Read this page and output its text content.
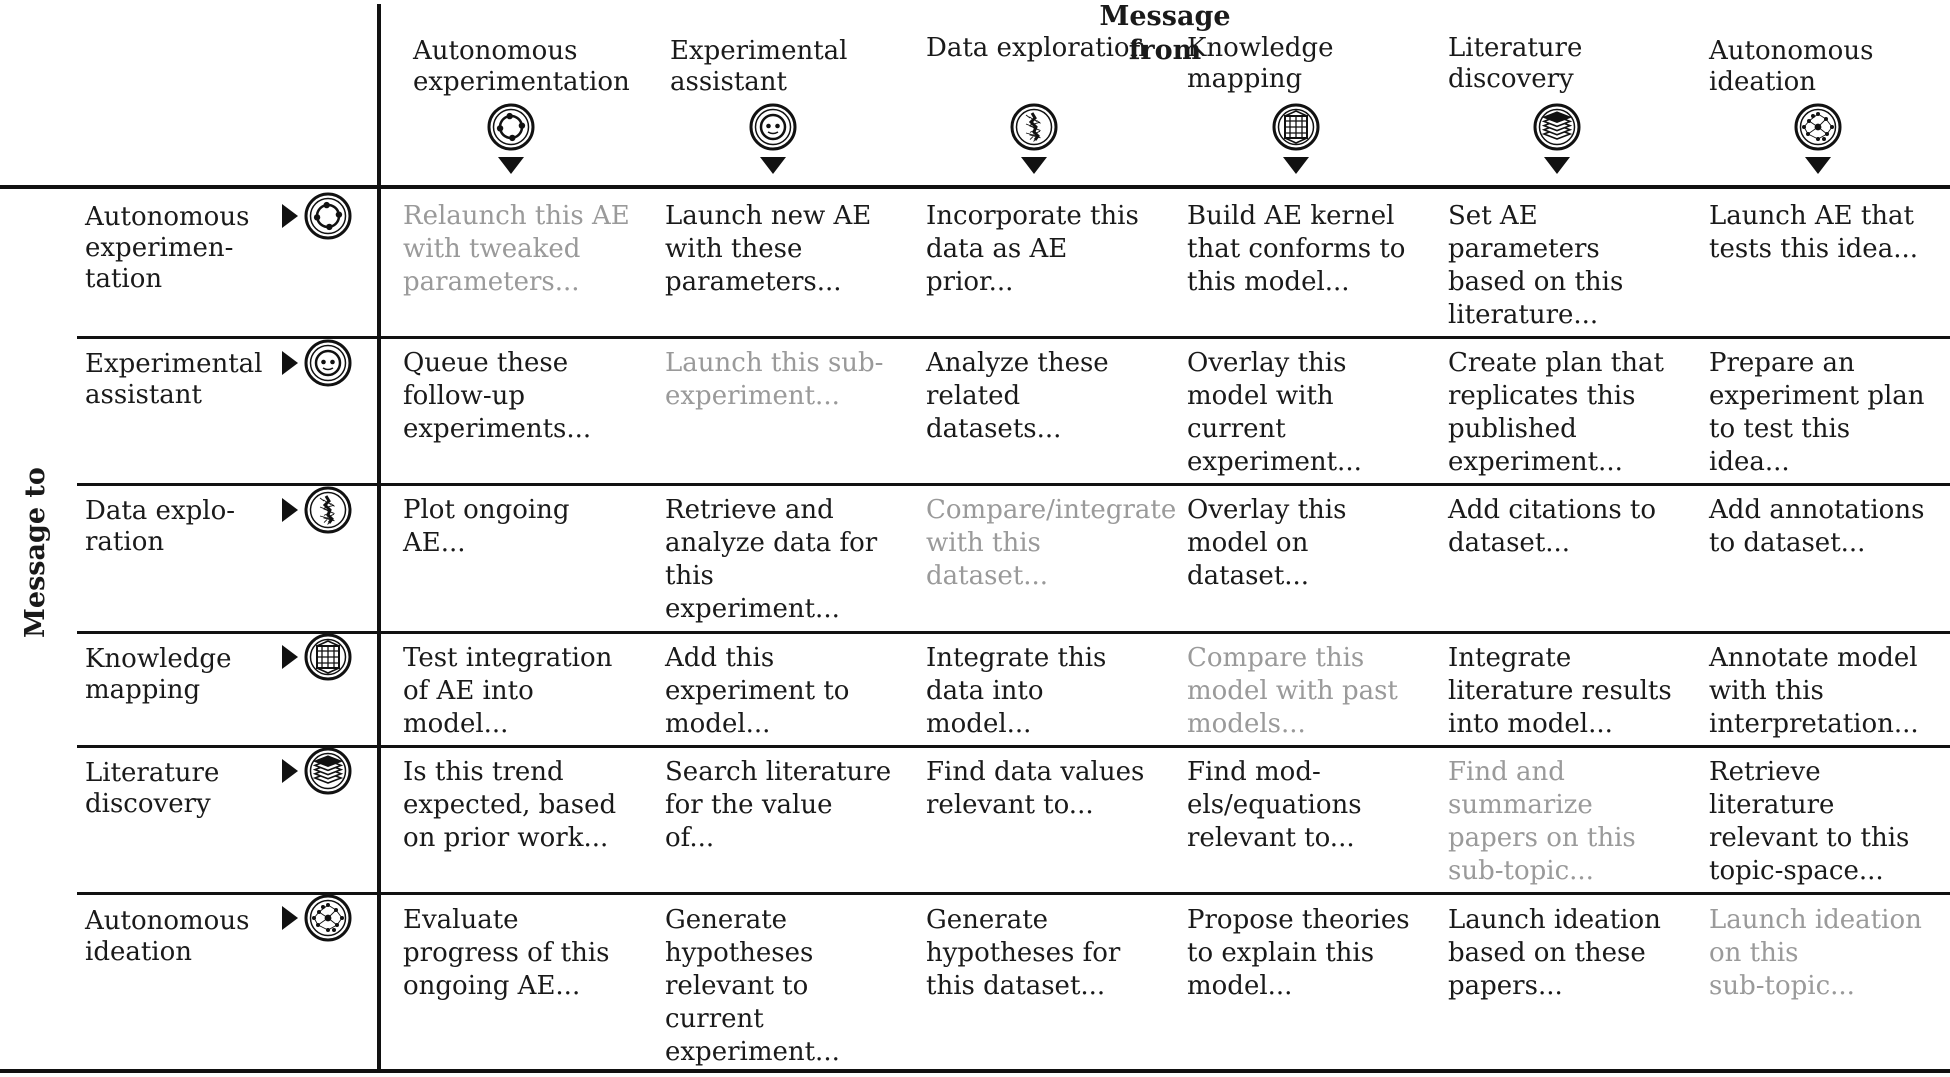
Message from
Message to
Autonomous
experimentation
Experimental
assistant
Data exploration	Knowledge
mapping
Literature
discovery
Autonomous
ideation
Autonomous
experimen-
tation
Relaunch this AE
with tweaked
parameters...
Launch new AE
with these
parameters...
Incorporate this
data as AE
prior...
Build AE kernel
that conforms to
this model...
Set AE
parameters
based on this
literature...
Launch AE that
tests this idea...
Experimental
assistant
Queue these
follow-up
experiments...
Launch this sub-
experiment...
Analyze these
related
datasets...
Overlay this
model with
current
experiment...
Create plan that
replicates this
published
experiment...
Prepare an
experiment plan
to test this
idea...
Data explo-
ration
Plot ongoing
AE...
Retrieve and
analyze data for
this
experiment...
Compare/integrate
with this
dataset...
Overlay this
model on
dataset...
Add citations to
dataset...
Add annotations
to dataset...
Knowledge
mapping
Test integration
of AE into
model...
Add this
experiment to
model...
Integrate this
data into
model...
Compare this
model with past
models...
Integrate
literature results
into model...
Annotate model
with this
interpretation...
Literature
discovery
Is this trend
expected, based
on prior work...
Search literature
for the value
of...
Find data values
relevant to...
Find mod-
els/equations
relevant to...
Find and
summarize
papers on this
sub-topic...
Retrieve
literature
relevant to this
topic-space...
Autonomous
ideation
Evaluate
progress of this
ongoing AE...
Generate
hypotheses
relevant to
current
experiment...
Generate
hypotheses for
this dataset...
Propose theories
to explain this
model...
Launch ideation
based on these
papers...
Launch ideation
on this
sub-topic...
